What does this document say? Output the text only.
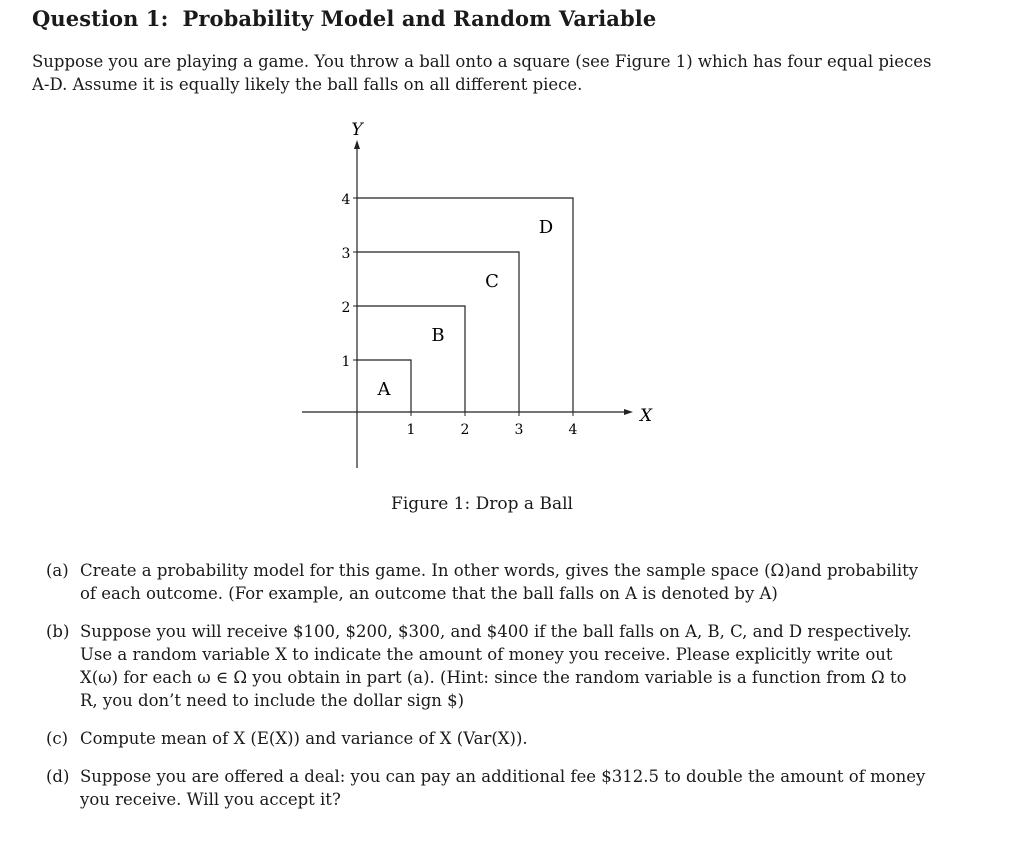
Question 1: Probability Model and Random Variable

Suppose you are playing a game. You throw a ball onto a square (see Figure 1) which has four equal pieces

A-D. Assume it is equally likely the ball falls on all different piece.

Y
X
1
2
3
4
1	2	3	4
A
B
C
D
Figure 1: Drop a Ball
(a) Create a probability model for this game. In other words, gives the sample space (Ω)and probability

of each outcome. (For example, an outcome that the ball falls on A is denoted by A)

(b) Suppose you will receive $100, $200, $300, and $400 if the ball falls on A, B, C, and D respectively.

Use a random variable X to indicate the amount of money you receive. Please explicitly write out

X(ω) for each ω ∈ Ω you obtain in part (a). (Hint: since the random variable is a function from Ω to

R, you don’t need to include the dollar sign $)

(c) Compute mean of X (E(X)) and variance of X (Var(X)).

(d) Suppose you are offered a deal: you can pay an additional fee $312.5 to double the amount of money

you receive. Will you accept it?
